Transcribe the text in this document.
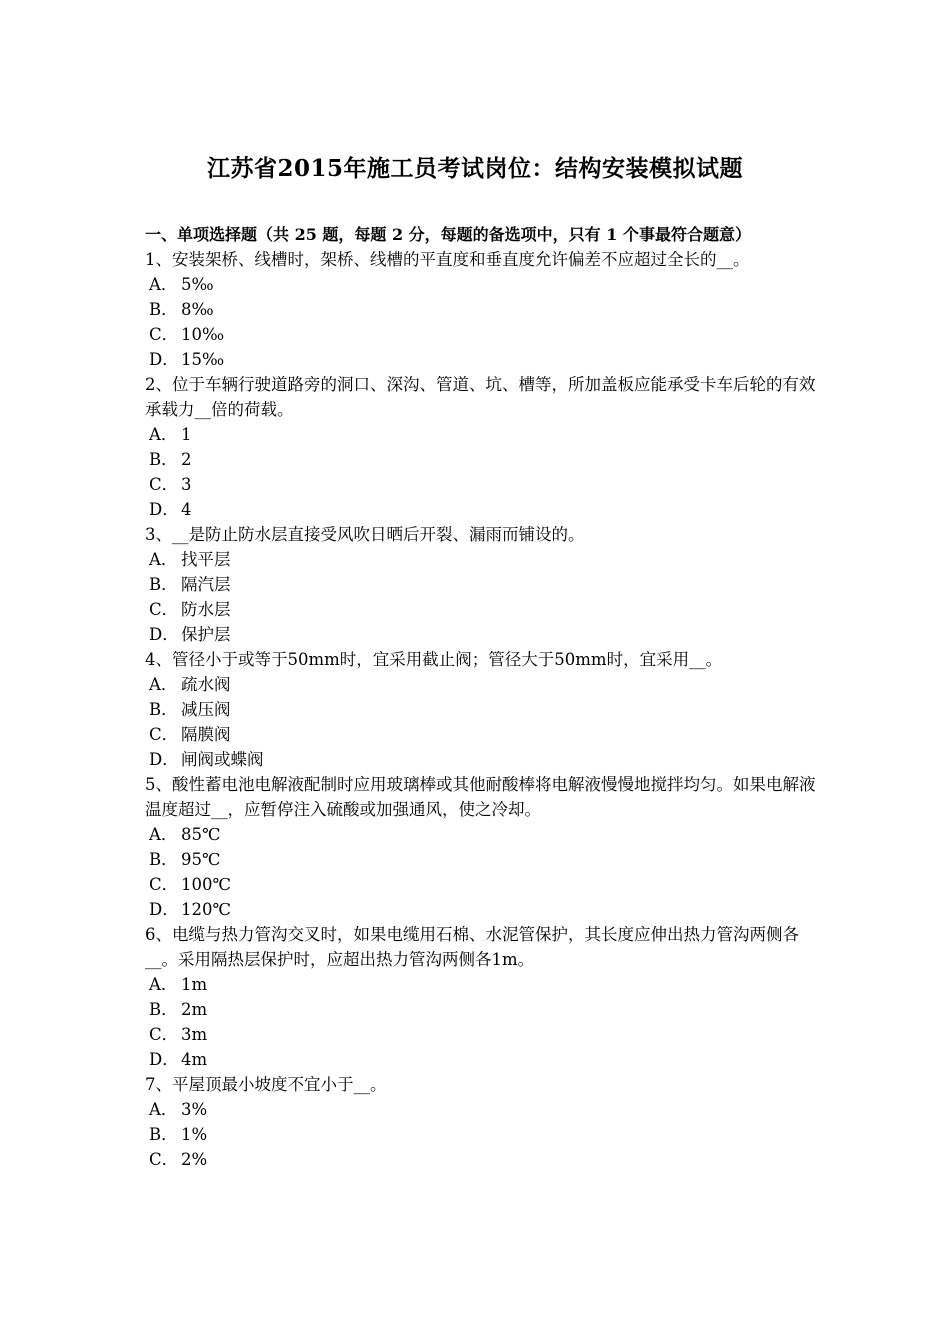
江苏省2015年施工员考试岗位：结构安装模拟试题

一、单项选择题（共 25 题，每题 2 分，每题的备选项中，只有 1 个事最符合题意）

1、安装架桥、线槽时，架桥、线槽的平直度和垂直度允许偏差不应超过全长的__。

A． 5‰
B． 8‰
C． 10‰
D． 15‰

2、位于车辆行驶道路旁的洞口、深沟、管道、坑、槽等，所加盖板应能承受卡车后轮的有效承载力__倍的荷载。

A． 1
B． 2
C． 3
D． 4

3、__是防止防水层直接受风吹日晒后开裂、漏雨而铺设的。

A． 找平层
B． 隔汽层
C． 防水层
D． 保护层

4、管径小于或等于50mm时，宜采用截止阀；管径大于50mm时，宜采用__。

A． 疏水阀
B． 减压阀
C． 隔膜阀
D． 闸阀或蝶阀

5、酸性蓄电池电解液配制时应用玻璃棒或其他耐酸棒将电解液慢慢地搅拌均匀。如果电解液温度超过__，应暂停注入硫酸或加强通风，使之冷却。

A． 85℃
B． 95℃
C． 100℃
D． 120℃

6、电缆与热力管沟交叉时，如果电缆用石棉、水泥管保护，其长度应伸出热力管沟两侧各__。采用隔热层保护时，应超出热力管沟两侧各1m。

A． 1m
B． 2m
C． 3m
D． 4m

7、平屋顶最小坡度不宜小于__。

A． 3%
B． 1%
C． 2%
